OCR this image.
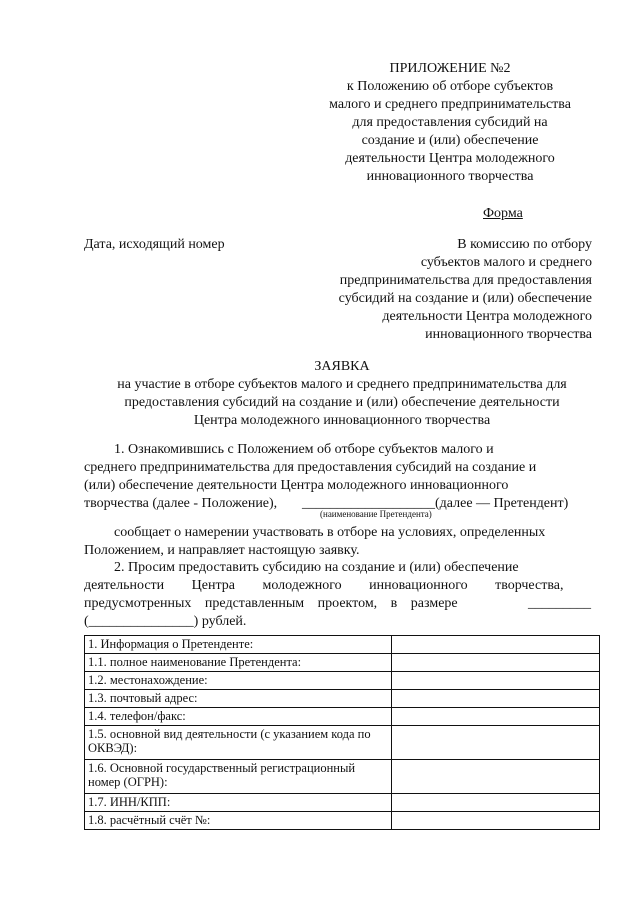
ПРИЛОЖЕНИЕ №2
к Положению об отборе субъектов
малого и среднего предпринимательства
для предоставления субсидий на
создание и (или) обеспечение
деятельности Центра молодежного
инновационного творчества
Форма
Дата, исходящий номер	В комиссию по отбору
субъектов малого и среднего
предпринимательства для предоставления
субсидий на создание и (или) обеспечение
деятельности Центра молодежного
инновационного творчества
ЗАЯВКА
на участие в отборе субъектов малого и среднего предпринимательства для
предоставления субсидий на создание и (или) обеспечение деятельности
Центра молодежного инновационного творчества
1. Ознакомившись с Положением об отборе субъектов малого и
среднего предпринимательства для предоставления субсидий на создание и
(или) обеспечение деятельности Центра молодежного инновационного
творчества (далее - Положение), ___________________(далее — Претендент)
(наименование Претендента)
сообщает о намерении участвовать в отборе на условиях, определенных
Положением, и направляет настоящую заявку.
2. Просим предоставить субсидию на создание и (или) обеспечение
деятельности Центра молодежного инновационного творчества,
предусмотренных представленным проектом, в размере	_________
(_______________) рублей.
1. Информация о Претенденте:	
1.1. полное наименование Претендента:	
1.2. местонахождение:	
1.3. почтовый адрес:	
1.4. телефон/факс:	
1.5. основной вид деятельности (с указанием кода по ОКВЭД):	
1.6. Основной государственный регистрационный номер (ОГРН):	
1.7. ИНН/КПП:	
1.8. расчётный счёт №:	
